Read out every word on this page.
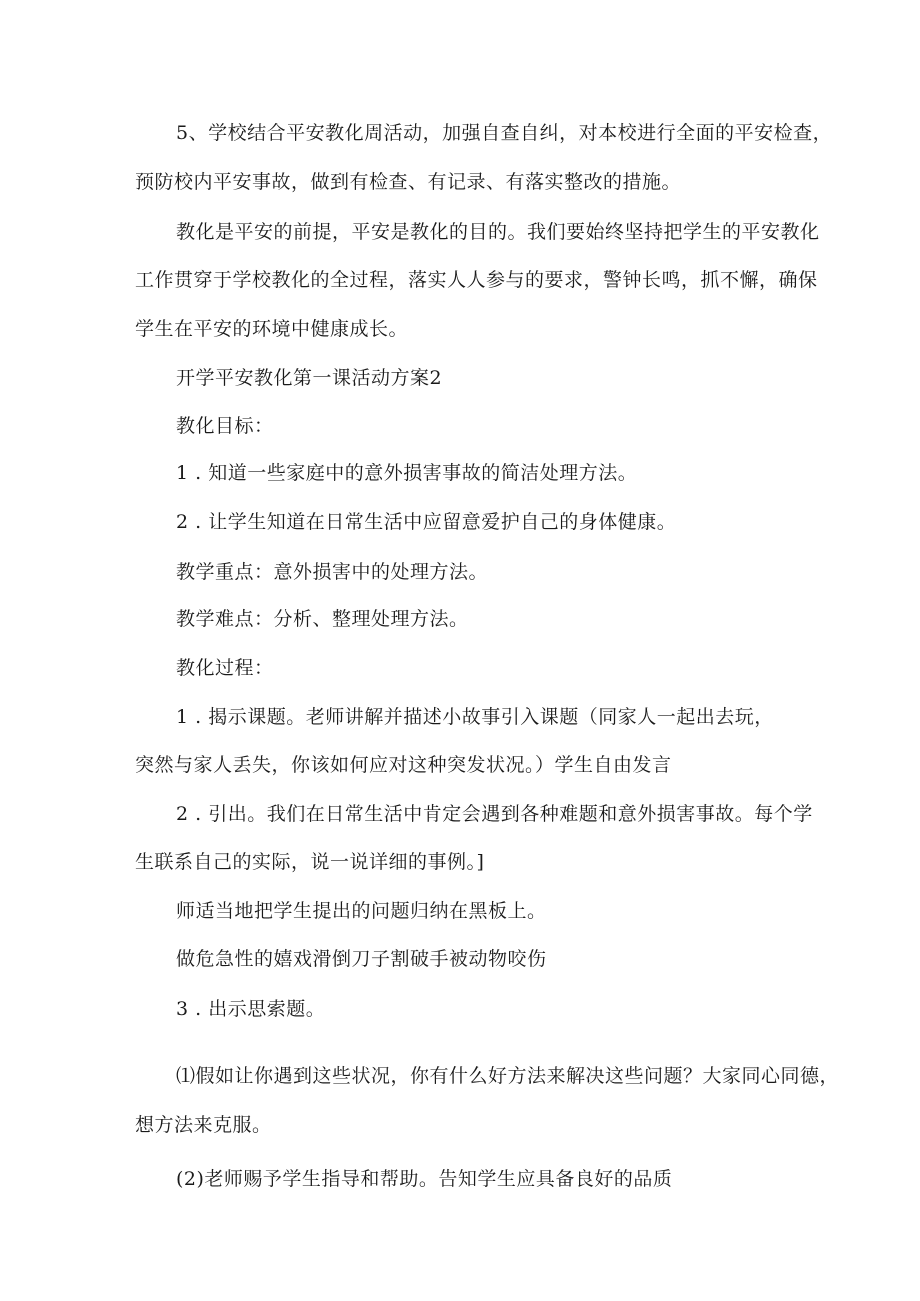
5、学校结合平安教化周活动，加强自查自纠，对本校进行全面的平安检查，
预防校内平安事故，做到有检查、有记录、有落实整改的措施。
教化是平安的前提，平安是教化的目的。我们要始终坚持把学生的平安教化
工作贯穿于学校教化的全过程，落实人人参与的要求，警钟长鸣，抓不懈，确保
学生在平安的环境中健康成长。
开学平安教化第一课活动方案2
教化目标：
1 . 知道一些家庭中的意外损害事故的简洁处理方法。
2 . 让学生知道在日常生活中应留意爱护自己的身体健康。
教学重点：意外损害中的处理方法。
教学难点：分析、整理处理方法。
教化过程：
1 . 揭示课题。老师讲解并描述小故事引入课题（同家人一起出去玩，
突然与家人丢失，你该如何应对这种突发状况。）学生自由发言
2 . 引出。我们在日常生活中肯定会遇到各种难题和意外损害事故。每个学
生联系自己的实际，说一说详细的事例。]
师适当地把学生提出的问题归纳在黑板上。
做危急性的嬉戏滑倒刀子割破手被动物咬伤
3 . 出示思索题。
⑴假如让你遇到这些状况，你有什么好方法来解决这些问题？大家同心同德，
想方法来克服。
(2)老师赐予学生指导和帮助。告知学生应具备良好的品质
